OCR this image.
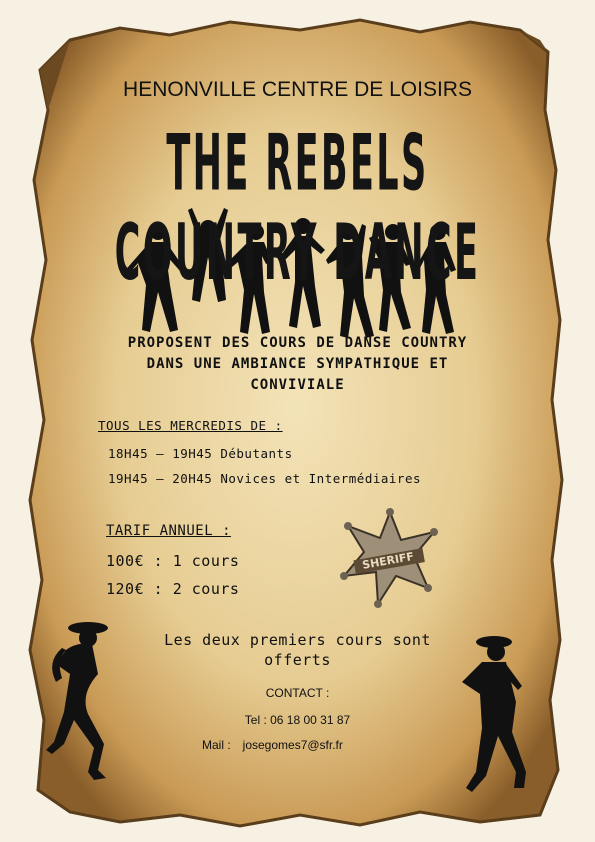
SHERIFF
HENONVILLE CENTRE DE LOISIRS
THE REBELS COUNTRY DANCE
PROPOSENT DES COURS DE DANSE COUNTRY
DANS UNE AMBIANCE SYMPATHIQUE ET
CONVIVIALE
TOUS LES MERCREDIS DE :
18H45 – 19H45 Débutants
19H45 – 20H45 Novices et Intermédiaires
TARIF ANNUEL :
100€ : 1 cours
120€ : 2 cours
Les deux premiers cours sont
offerts
CONTACT :
Tel : 06 18 00 31 87
Mail : josegomes7@sfr.fr
